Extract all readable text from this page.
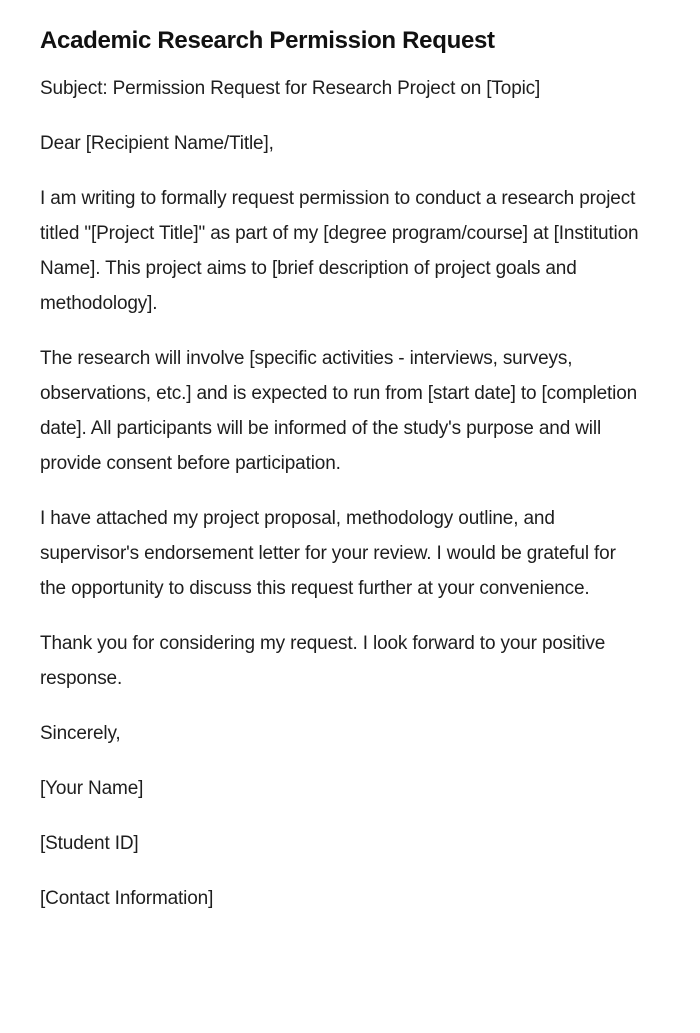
Academic Research Permission Request

Subject: Permission Request for Research Project on [Topic]

Dear [Recipient Name/Title],

I am writing to formally request permission to conduct a research project titled "[Project Title]" as part of my [degree program/course] at [Institution Name]. This project aims to [brief description of project goals and methodology].

The research will involve [specific activities - interviews, surveys, observations, etc.] and is expected to run from [start date] to [completion date]. All participants will be informed of the study's purpose and will provide consent before participation.

I have attached my project proposal, methodology outline, and supervisor's endorsement letter for your review. I would be grateful for the opportunity to discuss this request further at your convenience.

Thank you for considering my request. I look forward to your positive response.

Sincerely,

[Your Name]

[Student ID]

[Contact Information]
